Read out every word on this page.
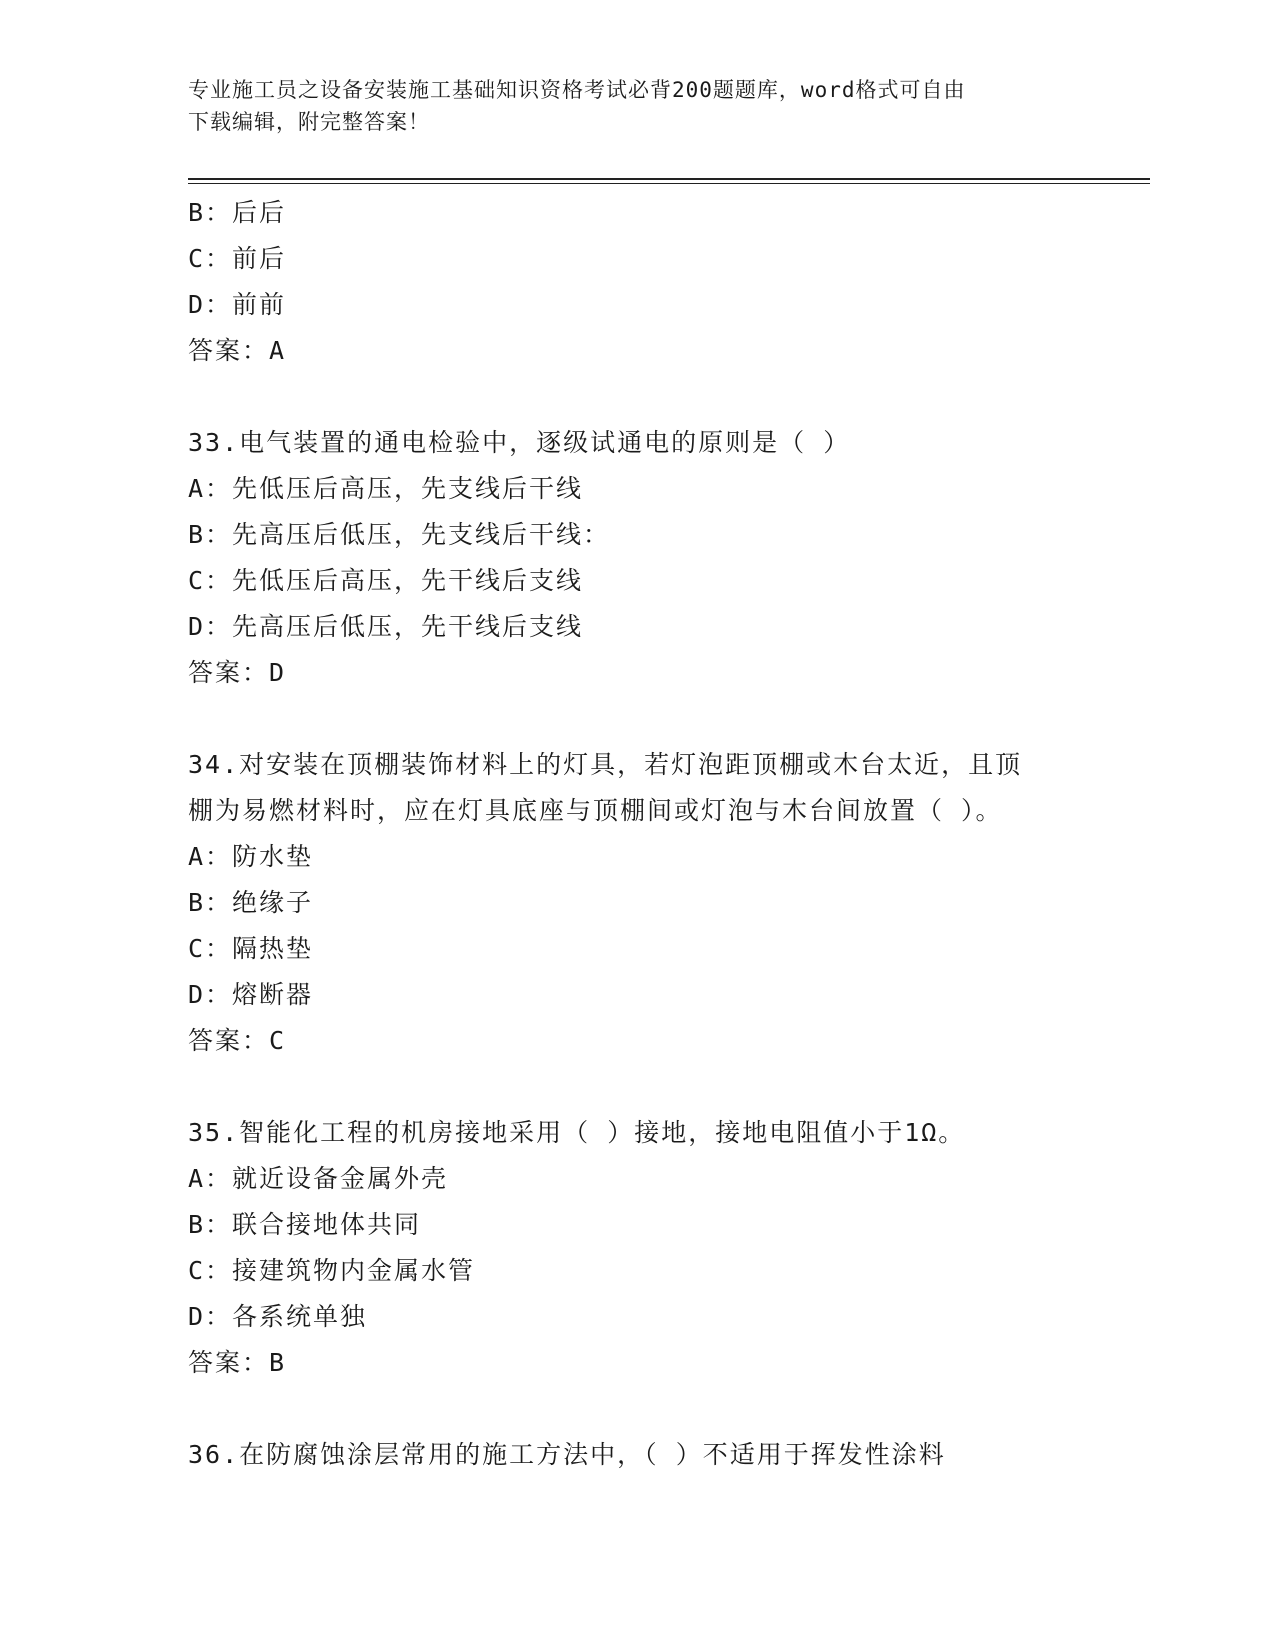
专业施工员之设备安装施工基础知识资格考试必背200题题库，word格式可自由
下载编辑，附完整答案！
B：后后
C：前后
D：前前
答案：A
33.电气装置的通电检验中，逐级试通电的原则是（ ）
A：先低压后高压，先支线后干线
B：先高压后低压，先支线后干线：
C：先低压后高压，先干线后支线
D：先高压后低压，先干线后支线
答案：D
34.对安装在顶棚装饰材料上的灯具，若灯泡距顶棚或木台太近，且顶
棚为易燃材料时，应在灯具底座与顶棚间或灯泡与木台间放置（ ）。
A：防水垫
B：绝缘子
C：隔热垫
D：熔断器
答案：C
35.智能化工程的机房接地采用（ ）接地，接地电阻值小于1Ω。
A：就近设备金属外壳
B：联合接地体共同
C：接建筑物内金属水管
D：各系统单独
答案：B
36.在防腐蚀涂层常用的施工方法中，（ ）不适用于挥发性涂料
